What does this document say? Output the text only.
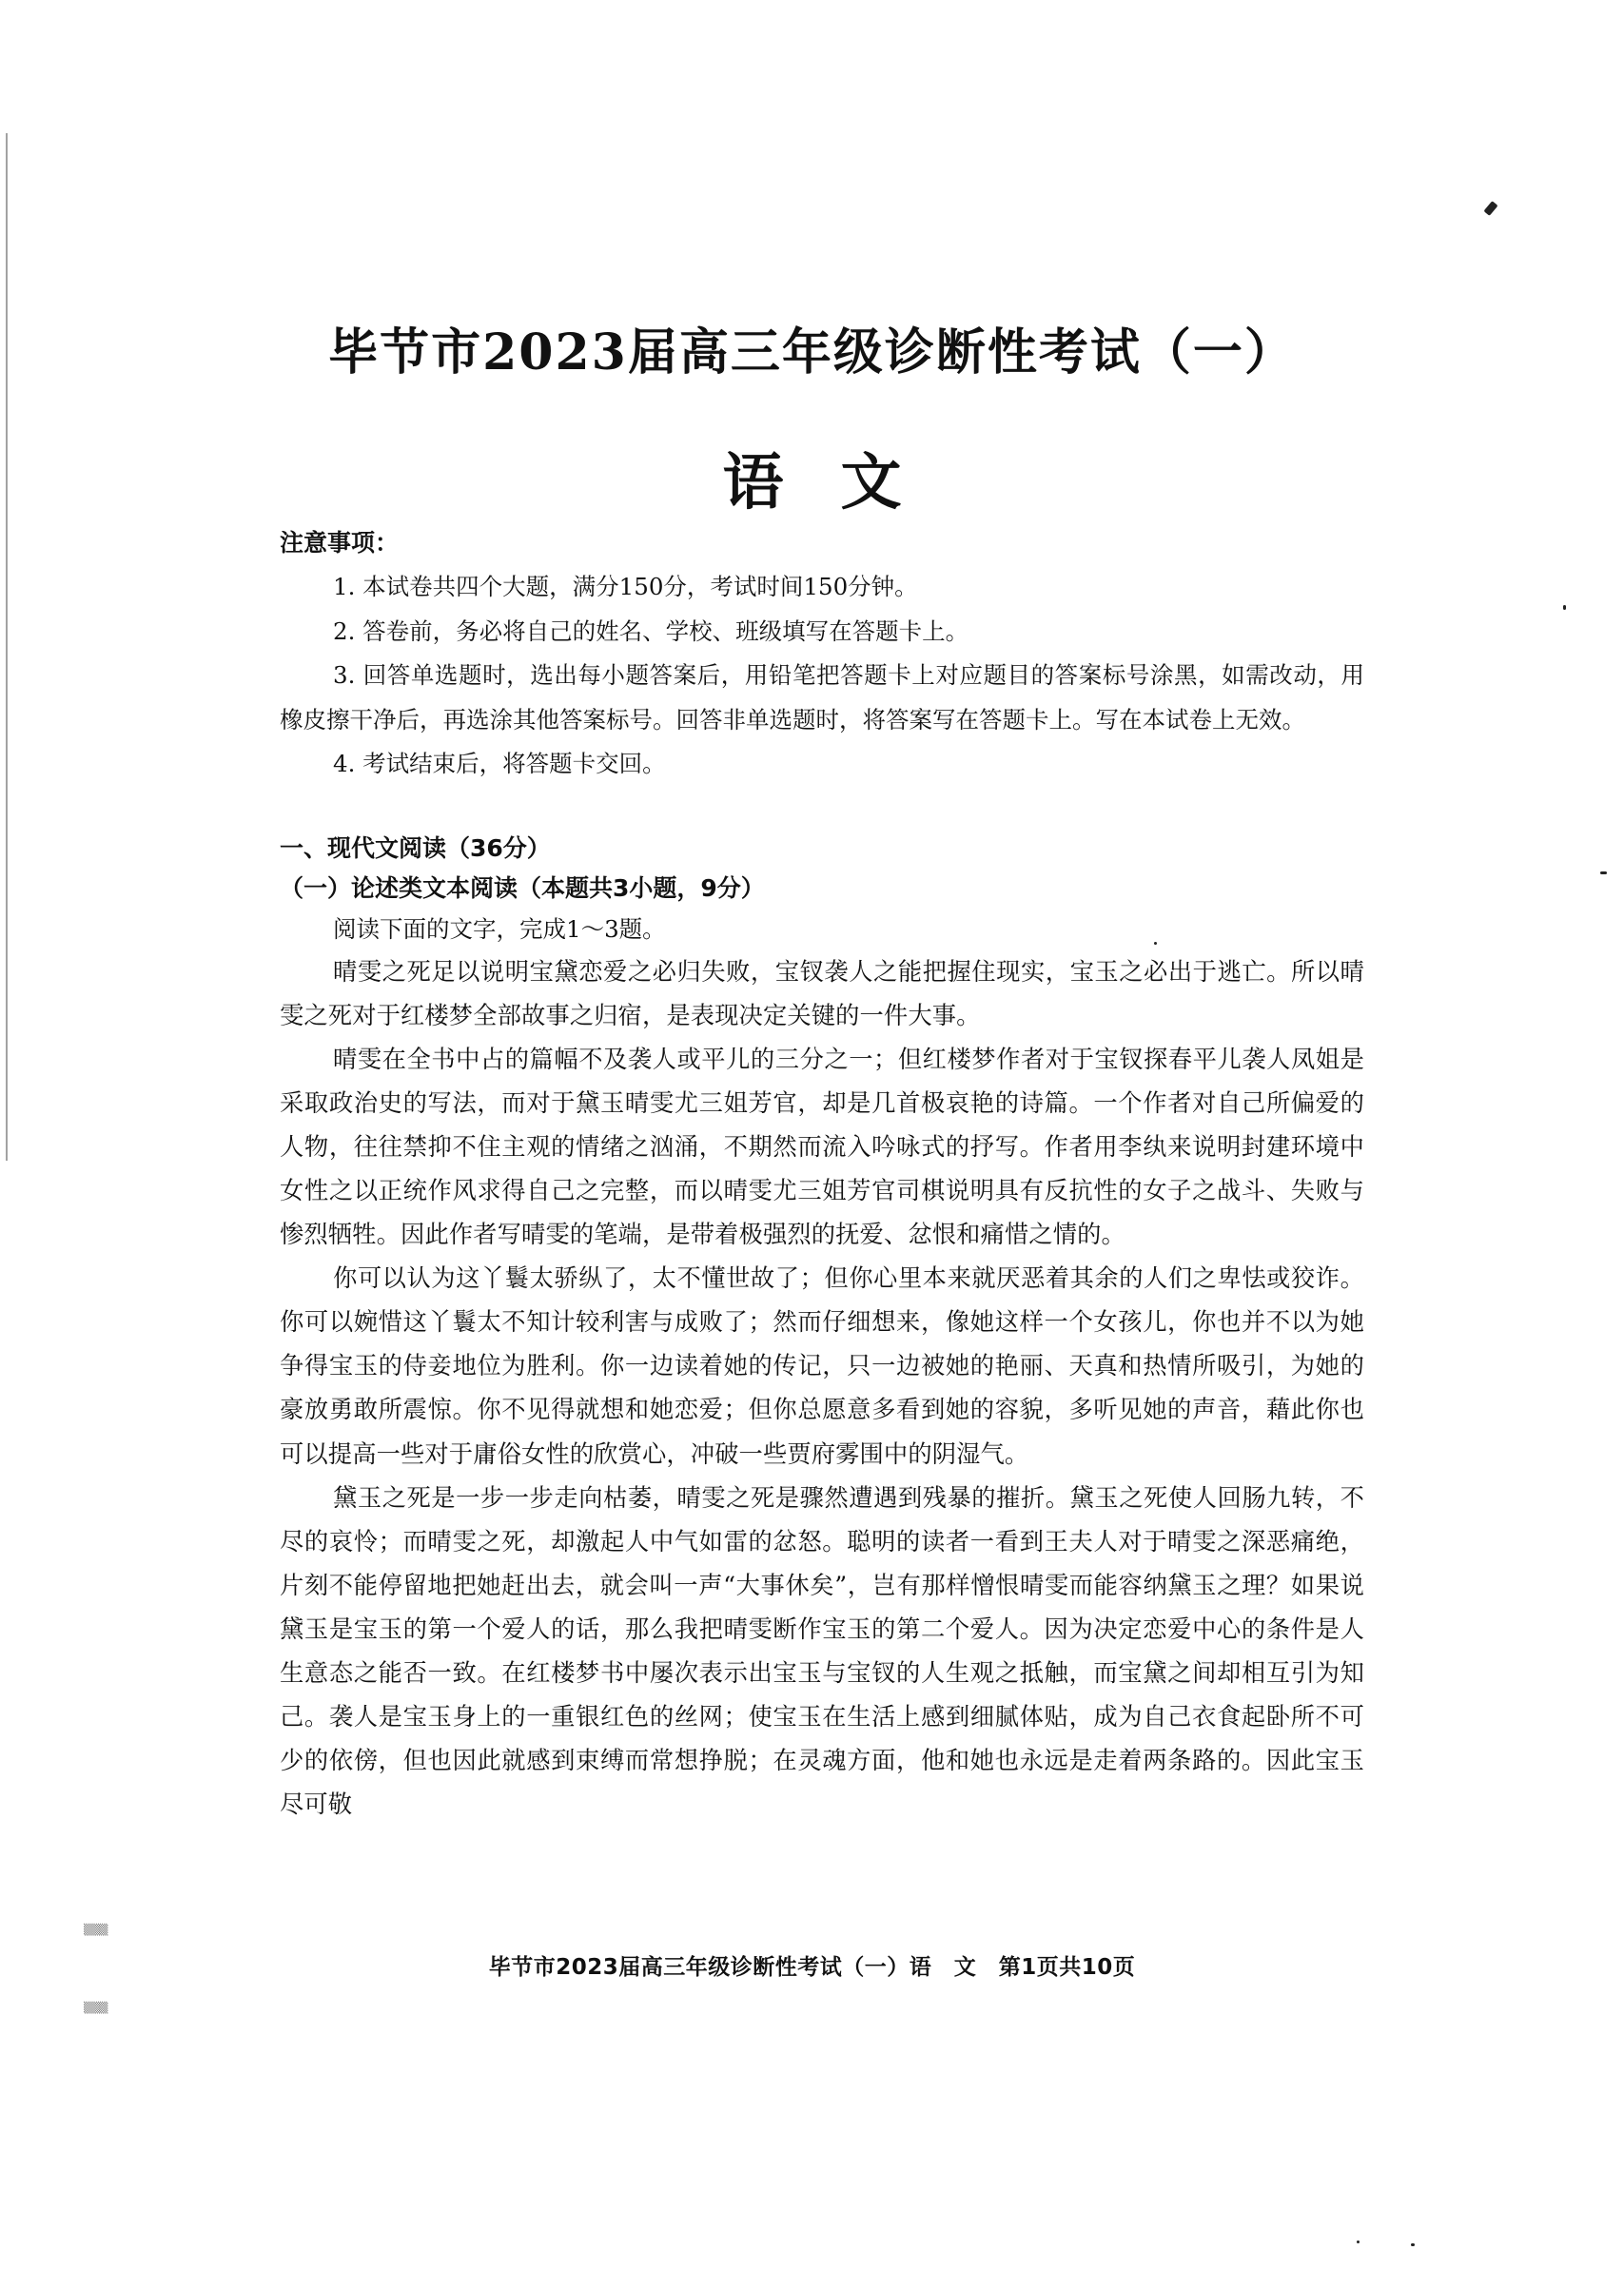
▒▒▒
▒▒▒
毕节市2023届高三年级诊断性考试（一）
语文
注意事项：

1. 本试卷共四个大题，满分150分，考试时间150分钟。

2. 答卷前，务必将自己的姓名、学校、班级填写在答题卡上。

3. 回答单选题时，选出每小题答案后，用铅笔把答题卡上对应题目的答案标号涂黑，如需改动，用橡皮擦干净后，再选涂其他答案标号。回答非单选题时，将答案写在答题卡上。写在本试卷上无效。

4. 考试结束后，将答题卡交回。

一、现代文阅读（36分）
（一）论述类文本阅读（本题共3小题，9分）

阅读下面的文字，完成1～3题。

晴雯之死足以说明宝黛恋爱之必归失败，宝钗袭人之能把握住现实，宝玉之必出于逃亡。所以晴雯之死对于红楼梦全部故事之归宿，是表现决定关键的一件大事。

晴雯在全书中占的篇幅不及袭人或平儿的三分之一；但红楼梦作者对于宝钗探春平儿袭人凤姐是采取政治史的写法，而对于黛玉晴雯尤三姐芳官，却是几首极哀艳的诗篇。一个作者对自己所偏爱的人物，往往禁抑不住主观的情绪之汹涌，不期然而流入吟咏式的抒写。作者用李纨来说明封建环境中女性之以正统作风求得自己之完整，而以晴雯尤三姐芳官司棋说明具有反抗性的女子之战斗、失败与惨烈牺牲。因此作者写晴雯的笔端，是带着极强烈的抚爱、忿恨和痛惜之情的。

你可以认为这丫鬟太骄纵了，太不懂世故了；但你心里本来就厌恶着其余的人们之卑怯或狡诈。你可以婉惜这丫鬟太不知计较利害与成败了；然而仔细想来，像她这样一个女孩儿，你也并不以为她争得宝玉的侍妾地位为胜利。你一边读着她的传记，只一边被她的艳丽、天真和热情所吸引，为她的豪放勇敢所震惊。你不见得就想和她恋爱；但你总愿意多看到她的容貌，多听见她的声音，藉此你也可以提高一些对于庸俗女性的欣赏心，冲破一些贾府雾围中的阴湿气。

黛玉之死是一步一步走向枯萎，晴雯之死是骤然遭遇到残暴的摧折。黛玉之死使人回肠九转，不尽的哀怜；而晴雯之死，却激起人中气如雷的忿怒。聪明的读者一看到王夫人对于晴雯之深恶痛绝，片刻不能停留地把她赶出去，就会叫一声“大事休矣”，岂有那样憎恨晴雯而能容纳黛玉之理？如果说黛玉是宝玉的第一个爱人的话，那么我把晴雯断作宝玉的第二个爱人。因为决定恋爱中心的条件是人生意态之能否一致。在红楼梦书中屡次表示出宝玉与宝钗的人生观之抵触，而宝黛之间却相互引为知己。袭人是宝玉身上的一重银红色的丝网；使宝玉在生活上感到细腻体贴，成为自己衣食起卧所不可少的依傍，但也因此就感到束缚而常想挣脱；在灵魂方面，他和她也永远是走着两条路的。因此宝玉尽可敬

毕节市2023届高三年级诊断性考试（一）语　文　第1页共10页
